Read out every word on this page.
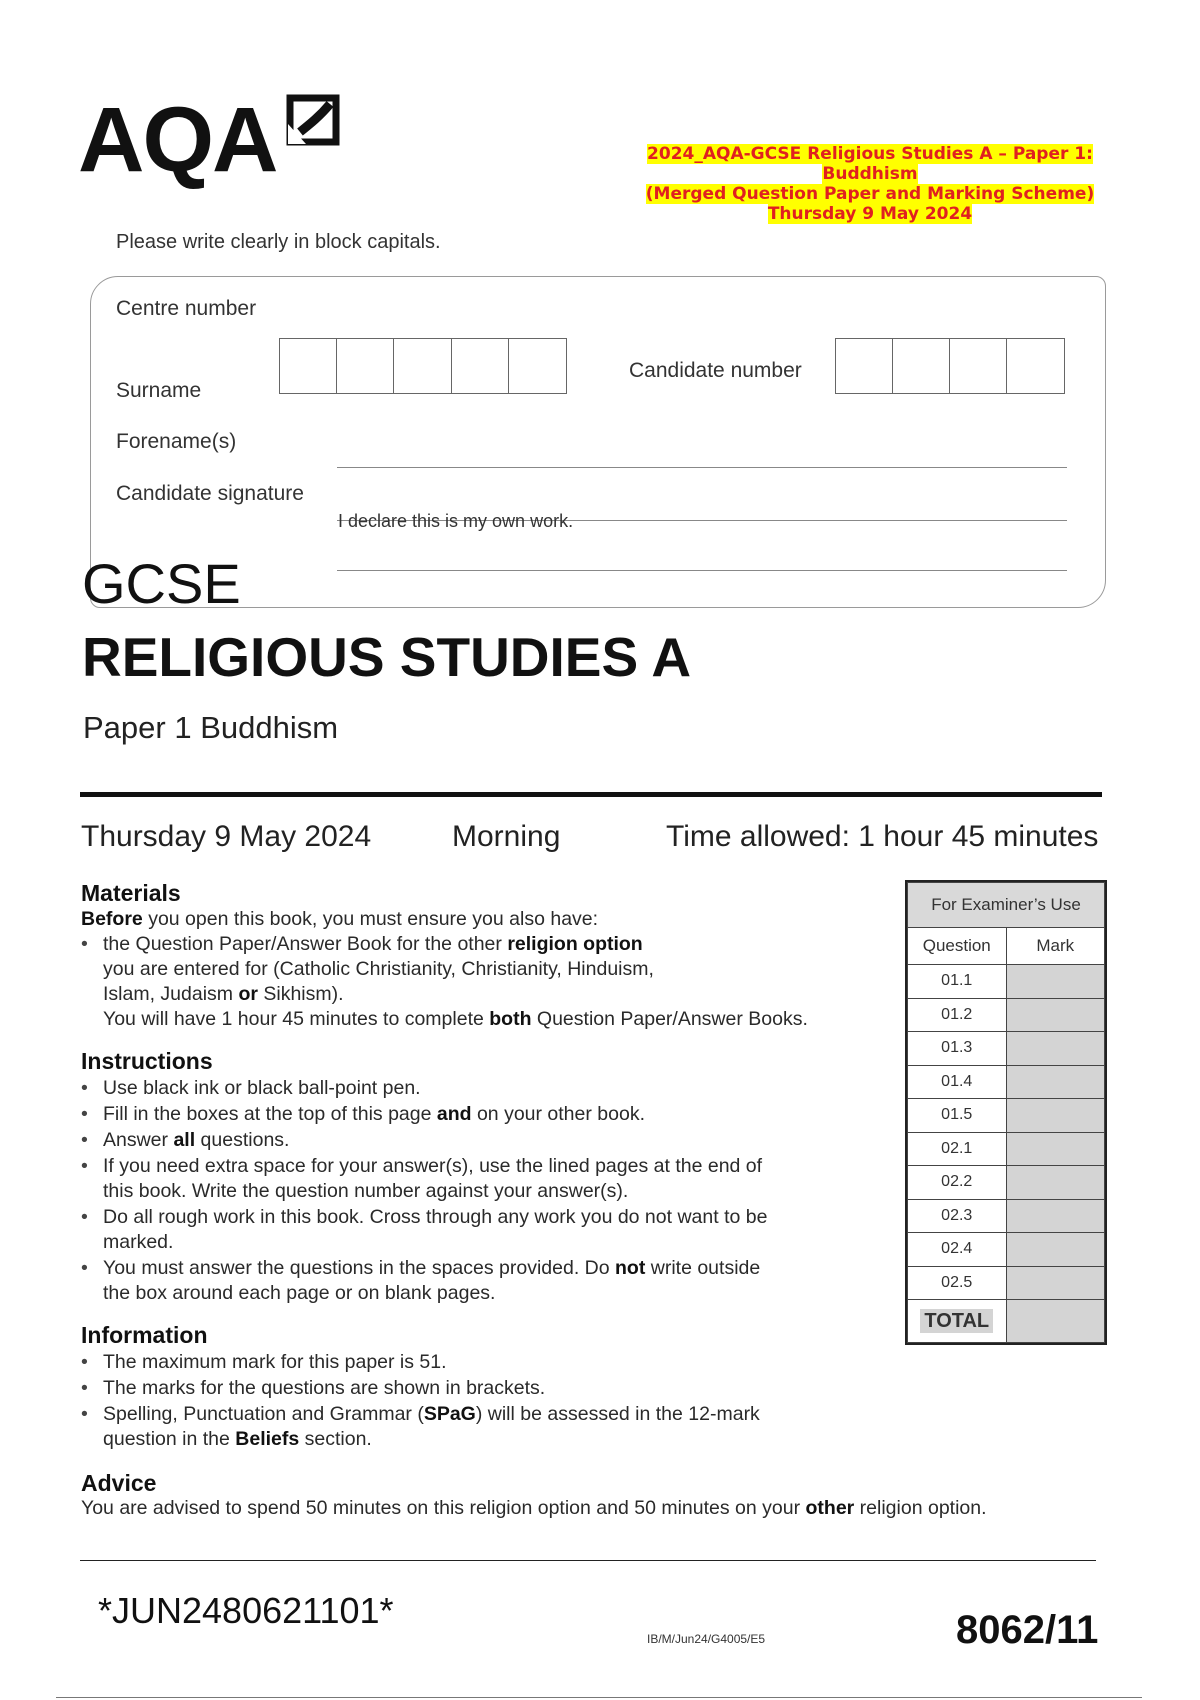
AQA	2024_AQA-GCSE Religious Studies A – Paper 1:
Buddhism
(Merged Question Paper and Marking Scheme)
Thursday 9 May 2024
Please write clearly in block capitals.
Centre number
Candidate number
Surname
Forename(s)
Candidate signature
I declare this is my own work.
GCSE
RELIGIOUS STUDIES A
Paper 1 Buddhism
Thursday 9 May 2024	Morning	Time allowed: 1 hour 45 minutes
Materials
Before you open this book, you must ensure you also have:
• the Question Paper/Answer Book for the other religion option
you are entered for (Catholic Christianity, Christianity, Hinduism,
Islam, Judaism or Sikhism).
You will have 1 hour 45 minutes to complete both Question Paper/Answer Books.
Instructions
• Use black ink or black ball-point pen.
• Fill in the boxes at the top of this page and on your other book.
• Answer all questions.
• If you need extra space for your answer(s), use the lined pages at the end of
this book. Write the question number against your answer(s).
• Do all rough work in this book. Cross through any work you do not want to be
marked.
• You must answer the questions in the spaces provided. Do not write outside
the box around each page or on blank pages.
Information
• The maximum mark for this paper is 51.
• The marks for the questions are shown in brackets.
• Spelling, Punctuation and Grammar (SPaG) will be assessed in the 12-mark
question in the Beliefs section.
Advice
You are advised to spend 50 minutes on this religion option and 50 minutes on your other religion option.
For Examiner’s Use	
Question	Mark
01.1	
01.2	
01.3	
01.4	
01.5	
02.1	
02.2	
02.3	
02.4	
02.5	
TOTAL	
*JUN2480621101*
IB/M/Jun24/G4005/E5	8062/11
